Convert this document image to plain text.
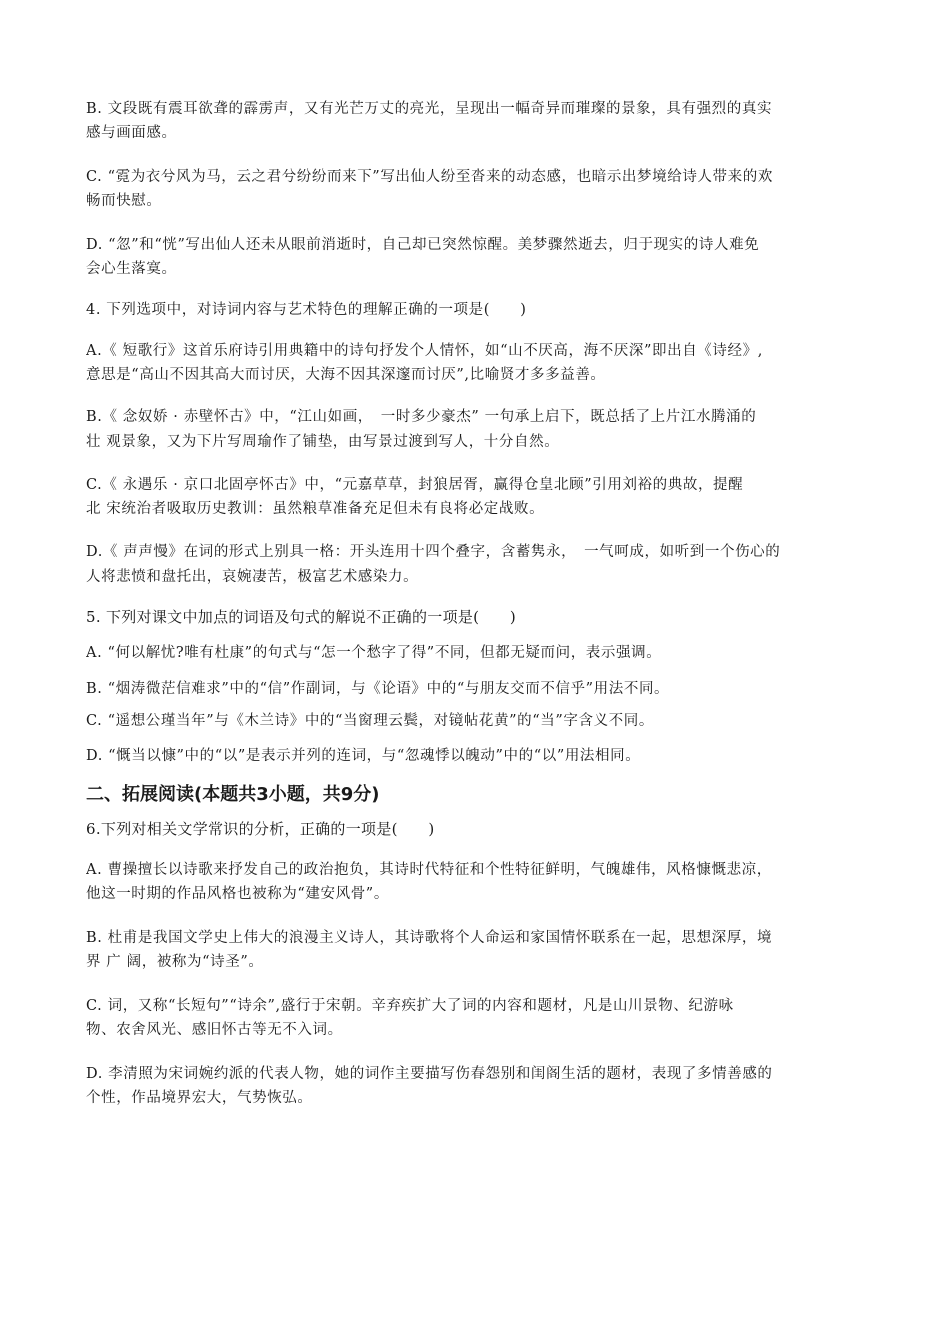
B. 文段既有震耳欲聋的霹雳声，又有光芒万丈的亮光，呈现出一幅奇异而璀璨的景象，具有强烈的真实
感与画面感。
C. “霓为衣兮风为马，云之君兮纷纷而来下”写出仙人纷至沓来的动态感，也暗示出梦境给诗人带来的欢
畅而快慰。
D. “忽”和“恍”写出仙人还未从眼前消逝时，自己却已突然惊醒。美梦骤然逝去，归于现实的诗人难免
会心生落寞。
4. 下列选项中，对诗词内容与艺术特色的理解正确的一项是(　　)
A.《 短歌行》这首乐府诗引用典籍中的诗句抒发个人情怀，如“山不厌高，海不厌深”即出自《诗经》,
意思是“高山不因其高大而讨厌，大海不因其深邃而讨厌”,比喻贤才多多益善。
B.《 念奴娇 · 赤壁怀古》中，“江山如画，　一时多少豪杰” 一句承上启下，既总括了上片江水腾涌的
壮 观景象，又为下片写周瑜作了铺垫，由写景过渡到写人，十分自然。
C.《 永遇乐 · 京口北固亭怀古》中，“元嘉草草，封狼居胥，赢得仓皇北顾”引用刘裕的典故，提醒
北 宋统治者吸取历史教训：虽然粮草准备充足但未有良将必定战败。
D.《 声声慢》在词的形式上别具一格：开头连用十四个叠字，含蓄隽永，　一气呵成，如听到一个伤心的
人将悲愤和盘托出，哀婉凄苦，极富艺术感染力。
5. 下列对课文中加点的词语及句式的解说不正确的一项是(　　)
A. “何以解忧?唯有杜康”的句式与“怎一个愁字了得”不同，但都无疑而问，表示强调。
B. “烟涛微茫信难求”中的“信”作副词，与《论语》中的“与朋友交而不信乎”用法不同。
C. “遥想公瑾当年”与《木兰诗》中的“当窗理云鬓，对镜帖花黄”的“当”字含义不同。
D. “慨当以慷”中的“以”是表示并列的连词，与“忽魂悸以魄动”中的“以”用法相同。
二、拓展阅读(本题共3小题，共9分)
6.下列对相关文学常识的分析，正确的一项是(　　)
A. 曹操擅长以诗歌来抒发自己的政治抱负，其诗时代特征和个性特征鲜明，气魄雄伟，风格慷慨悲凉，
他这一时期的作品风格也被称为“建安风骨”。
B. 杜甫是我国文学史上伟大的浪漫主义诗人，其诗歌将个人命运和家国情怀联系在一起，思想深厚，境
界 广 阔，被称为“诗圣”。
C. 词，又称“长短句”“诗余”,盛行于宋朝。辛弃疾扩大了词的内容和题材，凡是山川景物、纪游咏
物、农舍风光、感旧怀古等无不入词。
D. 李清照为宋词婉约派的代表人物，她的词作主要描写伤春怨别和闺阁生活的题材，表现了多情善感的
个性，作品境界宏大，气势恢弘。
